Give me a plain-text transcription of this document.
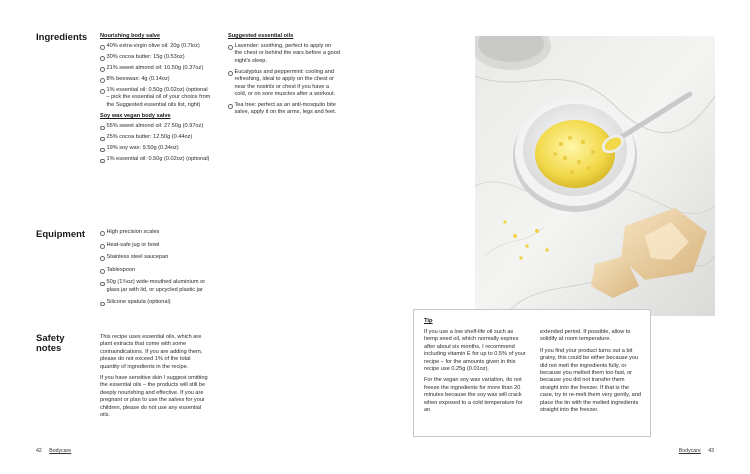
Ingredients Nourishing body salve
40% extra-virgin olive oil: 20g (0.7loz)
30% cocoa butter: 15g (0.53oz)
21% sweet almond oil: 10.50g (0.37oz)
8% beeswax: 4g (0.14oz)
1% essential oil: 0.50g (0.02oz) (optional – pick the essential oil of your choice from the Suggested essential oils list, right)
Soy wax vegan body salve
55% sweet almond oil: 27.50g (0.97oz)
25% cocoa butter: 12.50g (0.44oz)
19% soy wax: 9.50g (0.34oz)
1% essential oil: 0.50g (0.02oz) (optional)
Suggested essential oils
Lavender: soothing, perfect to apply on the chest or behind the ears before a good night's sleep.
Eucalyptus and peppermint: cooling and refreshing, ideal to apply on the chest or near the nostrils or chest if you have a cold, or on sore muscles after a workout.
Tea tree: perfect as an anti-mosquito bite salve, apply it on the arms, legs and feet.
Equipment	High precision scales
Heat-safe jug or bowl
Stainless steel saucepan
Tablespoon
50g (1¾oz) wide-mouthed aluminium or glass jar with lid, or upcycled plastic jar
Silicone spatula (optional)
Safety
notes

This recipe uses essential oils, which are plant extracts that come with some contraindications. If you are adding them, please do not exceed 1% of the total quantity of ingredients in the recipe.

If you have sensitive skin I suggest omitting the essential oils – the products will still be deeply nourishing and effective. If you are pregnant or plan to use the salves for your children, please do not use any essential oils.

Tip

If you use a low shelf-life oil such as hemp seed oil, which normally expires after about six months, I recommend including vitamin E for up to 0.5% of your recipe – for the amounts given in this recipe use 0.25g (0.01oz).

For the vegan soy wax variation, do not freeze the ingredients for more than 20 minutes because the soy wax will crack when exposed to a cold temperature for an

extended period. If possible, allow to solidify at room temperature.

If you find your product turns out a bit grainy, this could be either because you did not melt the ingredients fully, or because you melted them too fast, or because you did not transfer them straight into the freezer. If that is the case, try to re-melt them very gently, and place the tin with the melted ingredients straight into the freezer.

42 Bodycare	Bodycare 43
